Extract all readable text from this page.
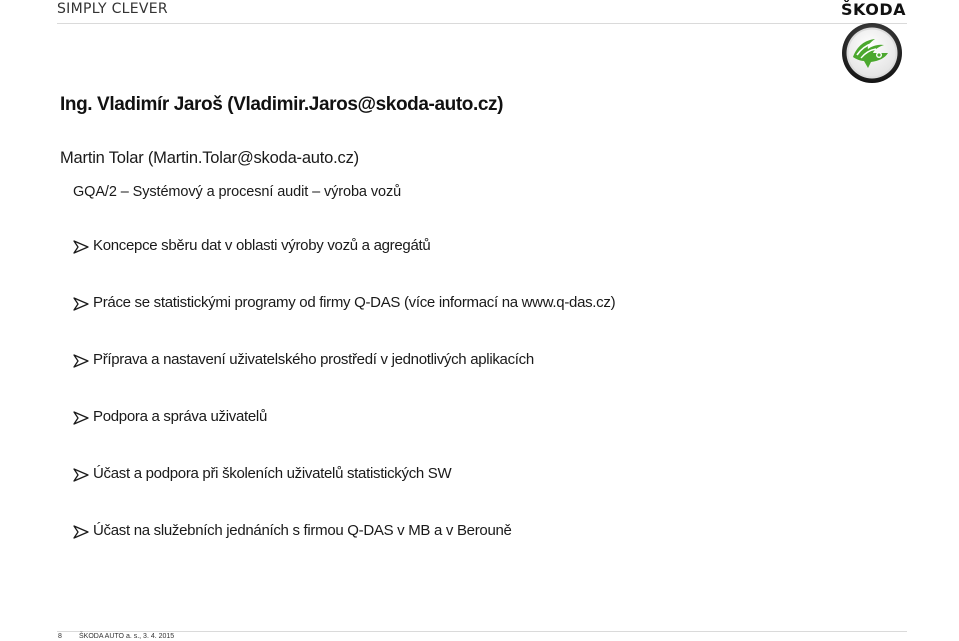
SIMPLY CLEVER	ŠKODA
Ing. Vladimír Jaroš (Vladimir.Jaros@skoda-auto.cz)
Martin Tolar (Martin.Tolar@skoda-auto.cz)
GQA/2 – Systémový a procesní audit – výroba vozů
Koncepce sběru dat v oblasti výroby vozů a agregátů
Práce se statistickými programy od firmy Q-DAS (více informací na www.q-das.cz)
Příprava a nastavení uživatelského prostředí v jednotlivých aplikacích
Podpora a správa uživatelů
Účast a podpora při školeních uživatelů statistických SW
Účast na služebních jednáních s firmou Q-DAS v MB a v Berouně
8 ŠKODA AUTO a. s., 3. 4. 2015
